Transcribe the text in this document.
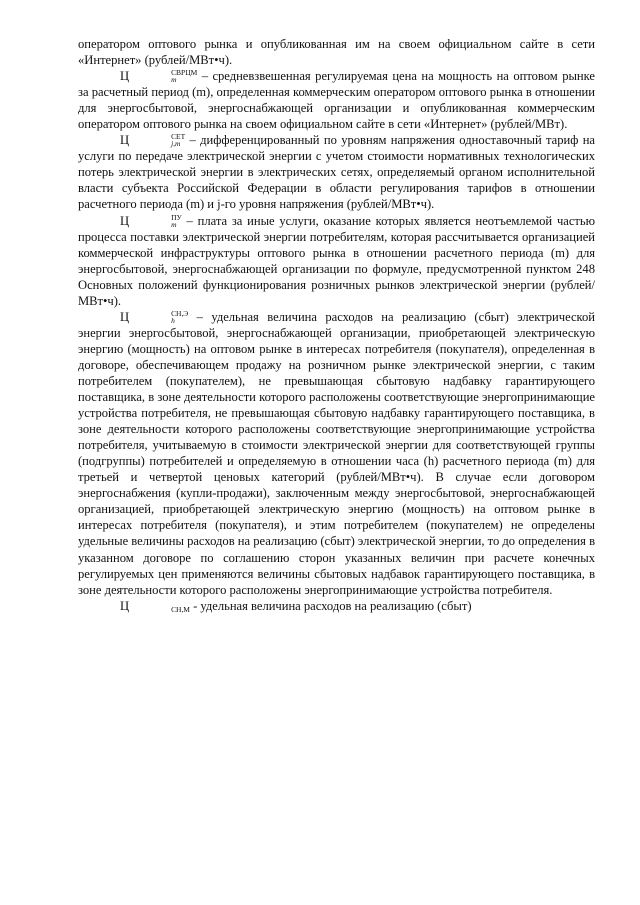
оператором оптового рынка и опубликованная им на своем официальном сайте в сети «Интернет» (рублей/МВт•ч).

Ц	СВРЦМ
m	– средневзвешенная регулируемая цена на мощность на оптовом рынке за расчетный период (m), определенная коммерческим оператором оптового рынка в отношении для энергосбытовой, энергоснабжающей организации и опубликованная коммерческим оператором оптового рынка на своем официальном сайте в сети «Интернет» (рублей/МВт).

Ц	СЕТ
j,m – дифференцированный по уровням напряжения одноставочный тариф на услуги по передаче электрической энергии с учетом стоимости нормативных технологических потерь электрической энергии в электрических сетях, определяемый органом исполнительной власти субъекта Российской Федерации в области регулирования тарифов в отношении расчетного периода (m) и j-го уровня напряжения (рублей/МВт•ч).

Ц	ПУ
m – плата за иные услуги, оказание которых является неотъемлемой частью процесса поставки электрической энергии потребителям, которая рассчитывается организацией коммерческой инфраструктуры оптового рынка в отношении расчетного периода (m) для энергосбытовой, энергоснабжающей организации по формуле, предусмотренной пунктом 248 Основных положений функционирования розничных рынков электрической энергии (рублей/МВт•ч).

Ц	СН,Э
h	– удельная величина расходов на реализацию (сбыт) электрической энергии энергосбытовой, энергоснабжающей организации, приобретающей электрическую энергию (мощность) на оптовом рынке в интересах потребителя (покупателя), определенная в договоре, обеспечивающем продажу на розничном рынке электрической энергии, с таким потребителем (покупателем), не превышающая сбытовую надбавку гарантирующего поставщика, в зоне деятельности которого расположены соответствующие энергопринимающие устройства потребителя, не превышающая сбытовую надбавку гарантирующего поставщика, в зоне деятельности которого расположены соответствующие энергопринимающие устройства потребителя, учитываемую в стоимости электрической энергии для соответствующей группы (подгруппы) потребителей и определяемую в отношении часа (h) расчетного периода (m) для третьей и четвертой ценовых категорий (рублей/МВт•ч). В случае если договором энергоснабжения (купли-продажи), заключенным между энергосбытовой, энергоснабжающей организацией, приобретающей электрическую энергию (мощность) на оптовом рынке в интересах потребителя (покупателя), и этим потребителем (покупателем) не определены удельные величины расходов на реализацию (сбыт) электрической энергии, то до определения в указанном договоре по соглашению сторон указанных величин при расчете конечных регулируемых цен применяются величины сбытовых надбавок гарантирующего поставщика, в зоне деятельности которого расположены энергопринимающие устройства потребителя.

Ц	СН,М - удельная величина расходов на реализацию (сбыт)
